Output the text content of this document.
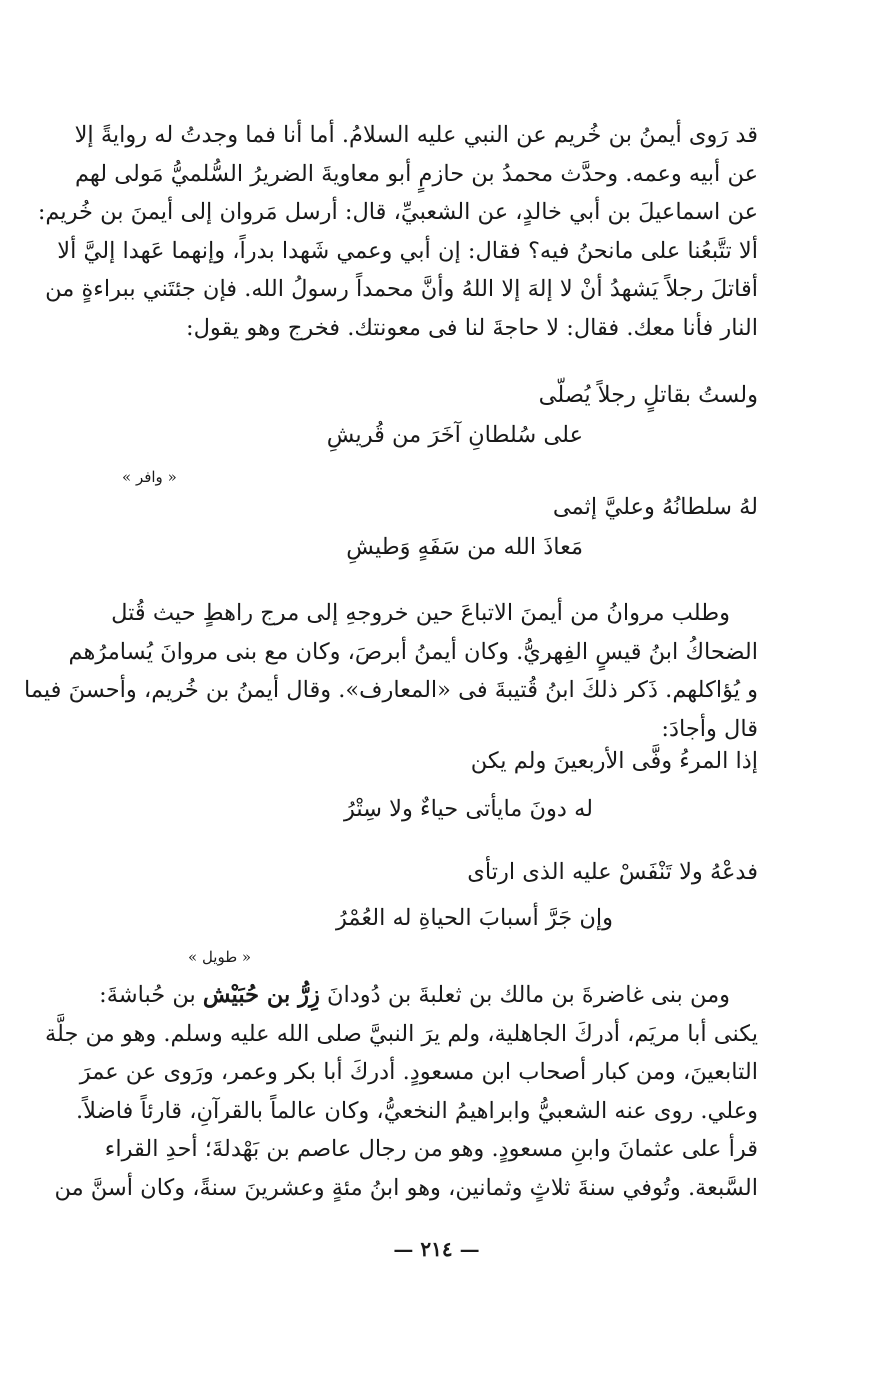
قد رَوى أيمنُ بن خُريم عن النبي عليه السلامُ. أما أنا فما وجدتُ له روايةً إلا
عن أبيه وعمه. وحدَّث محمدُ بن حازمٍ أبو معاويةَ الضريرُ السُّلميُّ مَولى لهم
عن اسماعيلَ بن أبي خالدٍ، عن الشعبيِّ، قال: أرسل مَروان إلى أيمنَ بن خُريم:
ألا تتَّبعُنا على مانحنُ فيه؟ فقال: إن أبي وعمي شَهدا بدراً، وإنهما عَهدا إليَّ ألا
أقاتلَ رجلاً يَشهدُ أنْ لا إلهَ إلا اللهُ وأنَّ محمداً رسولُ الله. فإن جئتَني ببراءةٍ من
النار فأنا معك. فقال: لا حاجةَ لنا فى معونتك. فخرج وهو يقول:
ولستُ بقاتلٍ رجلاً يُصلّى
على سُلطانِ آخَرَ من قُريشِ
« وافر »
لهُ سلطانُهُ وعليَّ إثمى
مَعاذَ الله من سَفَهٍ وَطيشِ
وطلب مروانُ من أيمنَ الاتباعَ حين خروجهِ إلى مرج راهطٍ حيث قُتل
الضحاكُ ابنُ قيسٍ الفِهريُّ. وكان أيمنُ أبرصَ، وكان مع بنى مروانَ يُسامرُهم
و يُؤاكلهم. ذَكر ذلكَ ابنُ قُتيبةَ فى «المعارف». وقال أيمنُ بن خُريم، وأحسنَ فيما
قال وأجادَ:
إذا المرءُ وفَّى الأربعينَ ولم يكن
له دونَ مايأتى حياءٌ ولا سِتْرُ
فدعْهُ ولا تَنْفَسْ عليه الذى ارتأى
وإن جَرَّ أسبابَ الحياةِ له العُمْرُ
« طويل »
ومن بنى غاضرةَ بن مالك بن ثعلبةَ بن دُودانَ زِرُّ بن حُبَيْش بن حُباشةَ:
يكنى أبا مريَم، أدركَ الجاهلية، ولم يرَ النبيَّ صلى الله عليه وسلم. وهو من جلَّة
التابعينَ، ومن كبار أصحاب ابن مسعودٍ. أدركَ أبا بكر وعمر، ورَوى عن عمرَ
وعلي. روى عنه الشعبيُّ وابراهيمُ النخعيُّ، وكان عالماً بالقرآنِ، قارئاً فاضلاً.
قرأ على عثمانَ وابنِ مسعودٍ. وهو من رجال عاصم بن بَهْدلةَ؛ أحدِ القراء
السَّبعة. وتُوفي سنةَ ثلاثٍ وثمانين، وهو ابنُ مئةٍ وعشرينَ سنةً، وكان أسنَّ من
— ٢١٤ —
